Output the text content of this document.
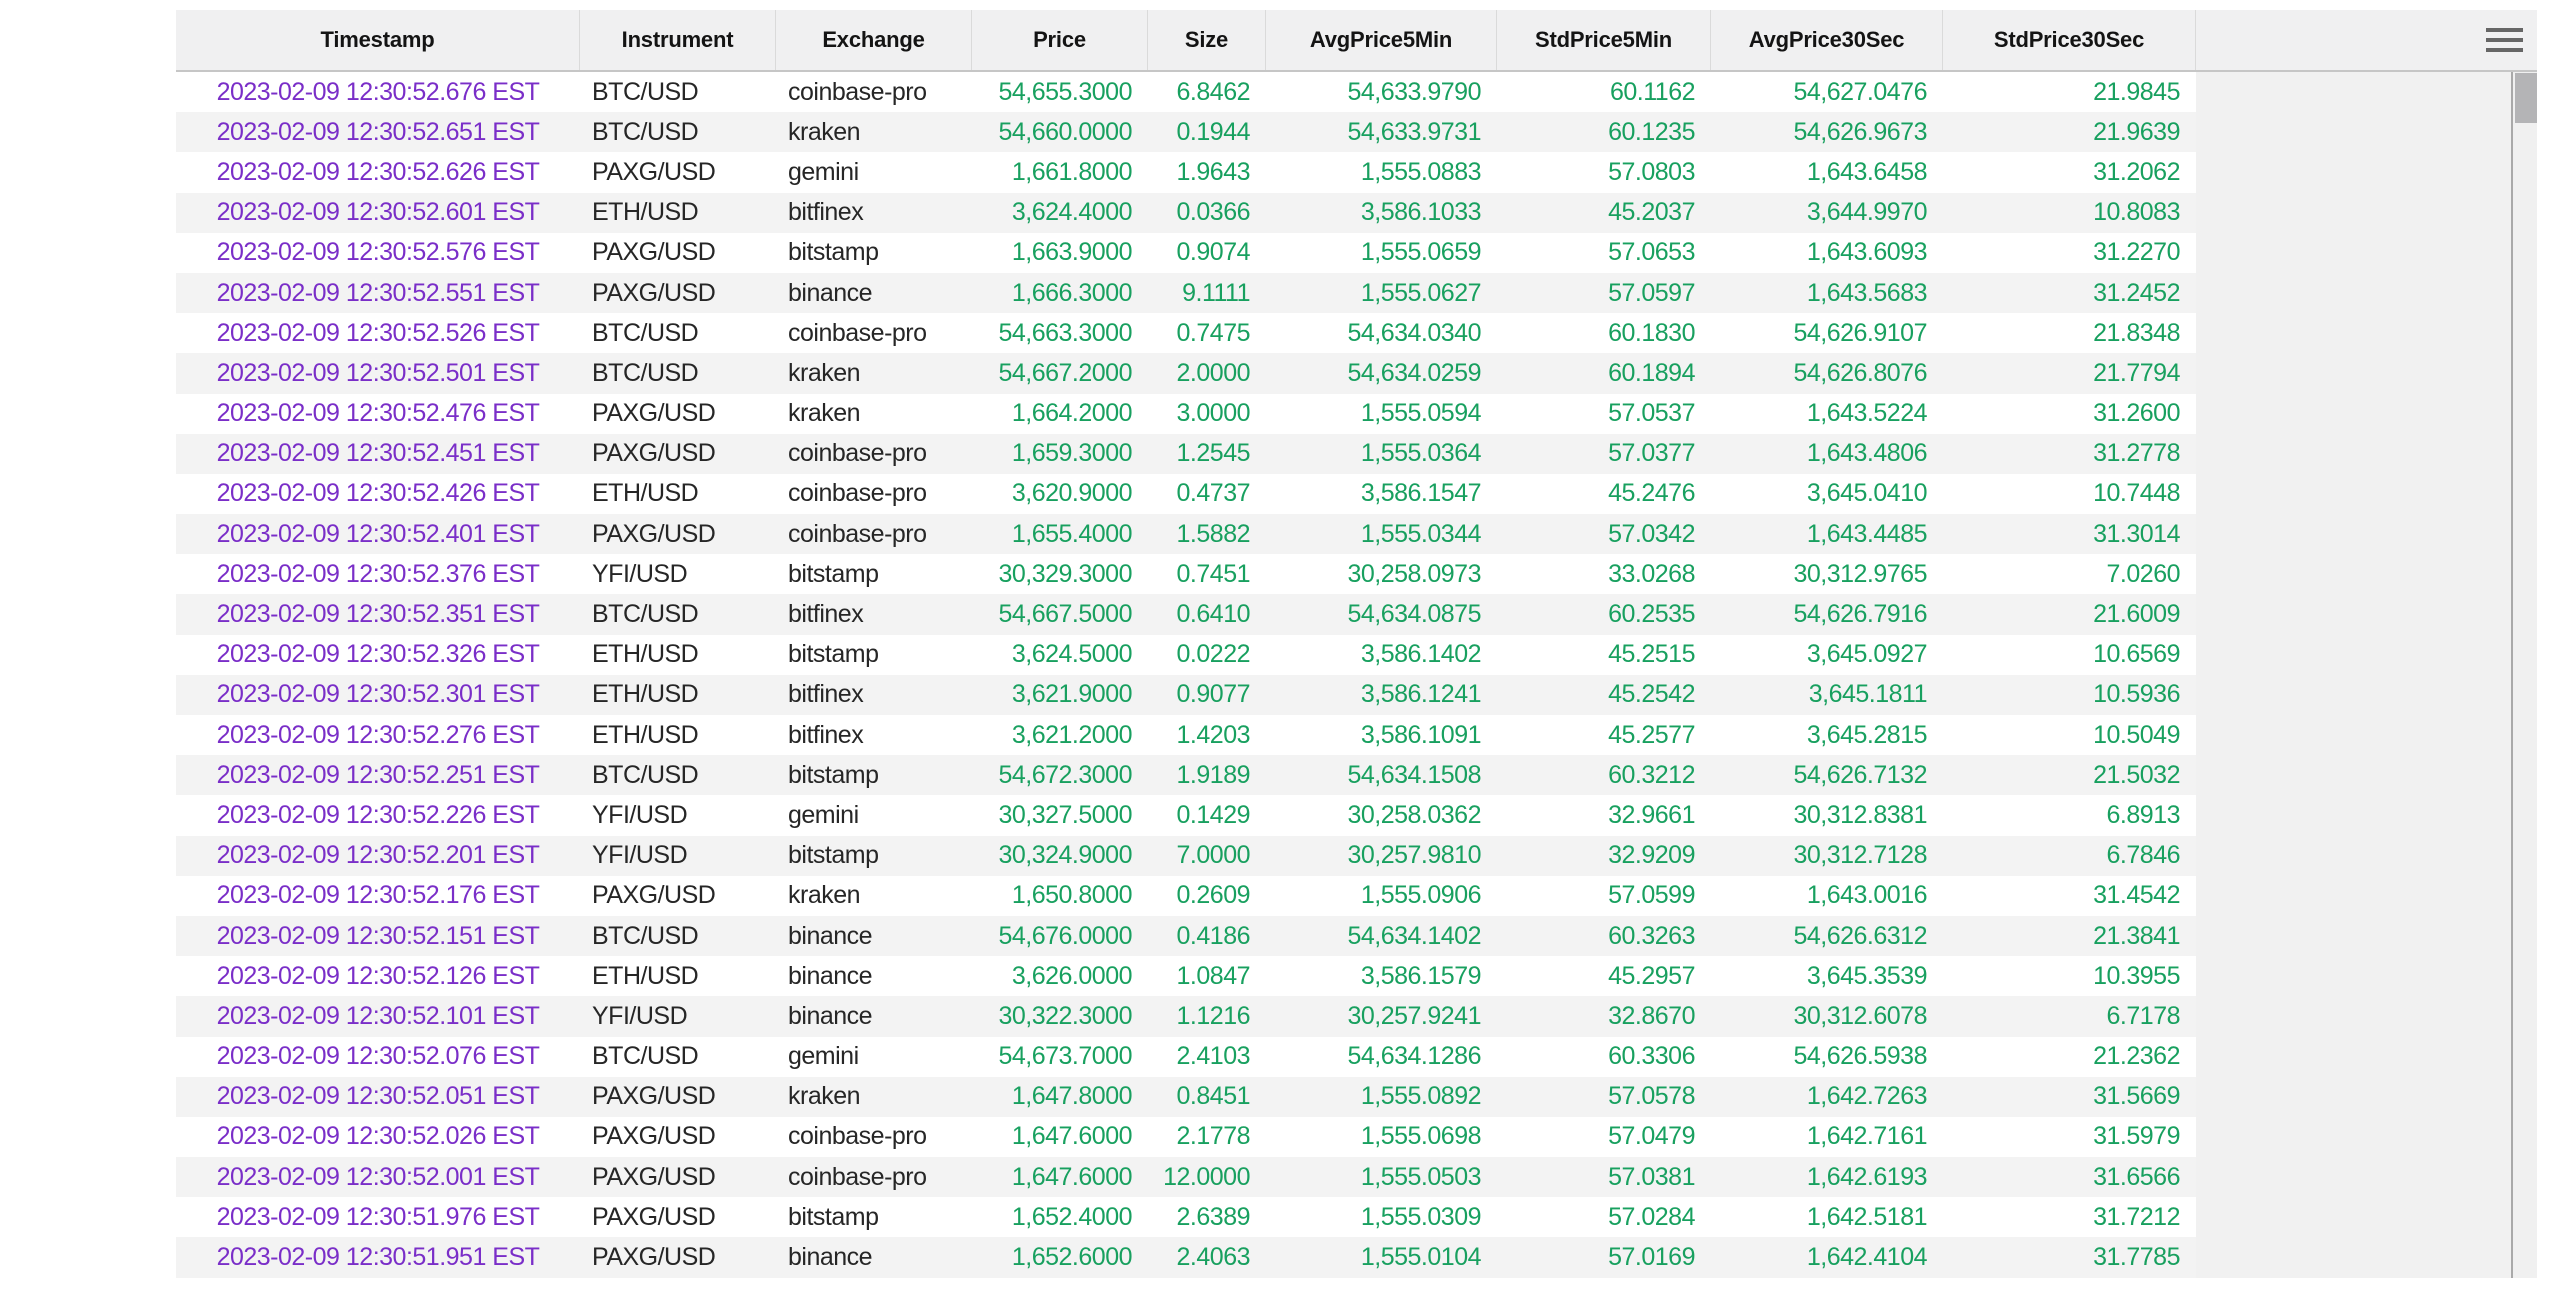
Timestamp	Instrument	Exchange	Price	Size	AvgPrice5Min	StdPrice5Min	AvgPrice30Sec	StdPrice30Sec
2023-02-09 12:30:52.676 EST	BTC/USD	coinbase-pro	54,655.3000	6.8462	54,633.9790	60.1162	54,627.0476	21.9845
2023-02-09 12:30:52.651 EST	BTC/USD	kraken	54,660.0000	0.1944	54,633.9731	60.1235	54,626.9673	21.9639
2023-02-09 12:30:52.626 EST	PAXG/USD	gemini	1,661.8000	1.9643	1,555.0883	57.0803	1,643.6458	31.2062
2023-02-09 12:30:52.601 EST	ETH/USD	bitfinex	3,624.4000	0.0366	3,586.1033	45.2037	3,644.9970	10.8083
2023-02-09 12:30:52.576 EST	PAXG/USD	bitstamp	1,663.9000	0.9074	1,555.0659	57.0653	1,643.6093	31.2270
2023-02-09 12:30:52.551 EST	PAXG/USD	binance	1,666.3000	9.1111	1,555.0627	57.0597	1,643.5683	31.2452
2023-02-09 12:30:52.526 EST	BTC/USD	coinbase-pro	54,663.3000	0.7475	54,634.0340	60.1830	54,626.9107	21.8348
2023-02-09 12:30:52.501 EST	BTC/USD	kraken	54,667.2000	2.0000	54,634.0259	60.1894	54,626.8076	21.7794
2023-02-09 12:30:52.476 EST	PAXG/USD	kraken	1,664.2000	3.0000	1,555.0594	57.0537	1,643.5224	31.2600
2023-02-09 12:30:52.451 EST	PAXG/USD	coinbase-pro	1,659.3000	1.2545	1,555.0364	57.0377	1,643.4806	31.2778
2023-02-09 12:30:52.426 EST	ETH/USD	coinbase-pro	3,620.9000	0.4737	3,586.1547	45.2476	3,645.0410	10.7448
2023-02-09 12:30:52.401 EST	PAXG/USD	coinbase-pro	1,655.4000	1.5882	1,555.0344	57.0342	1,643.4485	31.3014
2023-02-09 12:30:52.376 EST	YFI/USD	bitstamp	30,329.3000	0.7451	30,258.0973	33.0268	30,312.9765	7.0260
2023-02-09 12:30:52.351 EST	BTC/USD	bitfinex	54,667.5000	0.6410	54,634.0875	60.2535	54,626.7916	21.6009
2023-02-09 12:30:52.326 EST	ETH/USD	bitstamp	3,624.5000	0.0222	3,586.1402	45.2515	3,645.0927	10.6569
2023-02-09 12:30:52.301 EST	ETH/USD	bitfinex	3,621.9000	0.9077	3,586.1241	45.2542	3,645.1811	10.5936
2023-02-09 12:30:52.276 EST	ETH/USD	bitfinex	3,621.2000	1.4203	3,586.1091	45.2577	3,645.2815	10.5049
2023-02-09 12:30:52.251 EST	BTC/USD	bitstamp	54,672.3000	1.9189	54,634.1508	60.3212	54,626.7132	21.5032
2023-02-09 12:30:52.226 EST	YFI/USD	gemini	30,327.5000	0.1429	30,258.0362	32.9661	30,312.8381	6.8913
2023-02-09 12:30:52.201 EST	YFI/USD	bitstamp	30,324.9000	7.0000	30,257.9810	32.9209	30,312.7128	6.7846
2023-02-09 12:30:52.176 EST	PAXG/USD	kraken	1,650.8000	0.2609	1,555.0906	57.0599	1,643.0016	31.4542
2023-02-09 12:30:52.151 EST	BTC/USD	binance	54,676.0000	0.4186	54,634.1402	60.3263	54,626.6312	21.3841
2023-02-09 12:30:52.126 EST	ETH/USD	binance	3,626.0000	1.0847	3,586.1579	45.2957	3,645.3539	10.3955
2023-02-09 12:30:52.101 EST	YFI/USD	binance	30,322.3000	1.1216	30,257.9241	32.8670	30,312.6078	6.7178
2023-02-09 12:30:52.076 EST	BTC/USD	gemini	54,673.7000	2.4103	54,634.1286	60.3306	54,626.5938	21.2362
2023-02-09 12:30:52.051 EST	PAXG/USD	kraken	1,647.8000	0.8451	1,555.0892	57.0578	1,642.7263	31.5669
2023-02-09 12:30:52.026 EST	PAXG/USD	coinbase-pro	1,647.6000	2.1778	1,555.0698	57.0479	1,642.7161	31.5979
2023-02-09 12:30:52.001 EST	PAXG/USD	coinbase-pro	1,647.6000	12.0000	1,555.0503	57.0381	1,642.6193	31.6566
2023-02-09 12:30:51.976 EST	PAXG/USD	bitstamp	1,652.4000	2.6389	1,555.0309	57.0284	1,642.5181	31.7212
2023-02-09 12:30:51.951 EST	PAXG/USD	binance	1,652.6000	2.4063	1,555.0104	57.0169	1,642.4104	31.7785
